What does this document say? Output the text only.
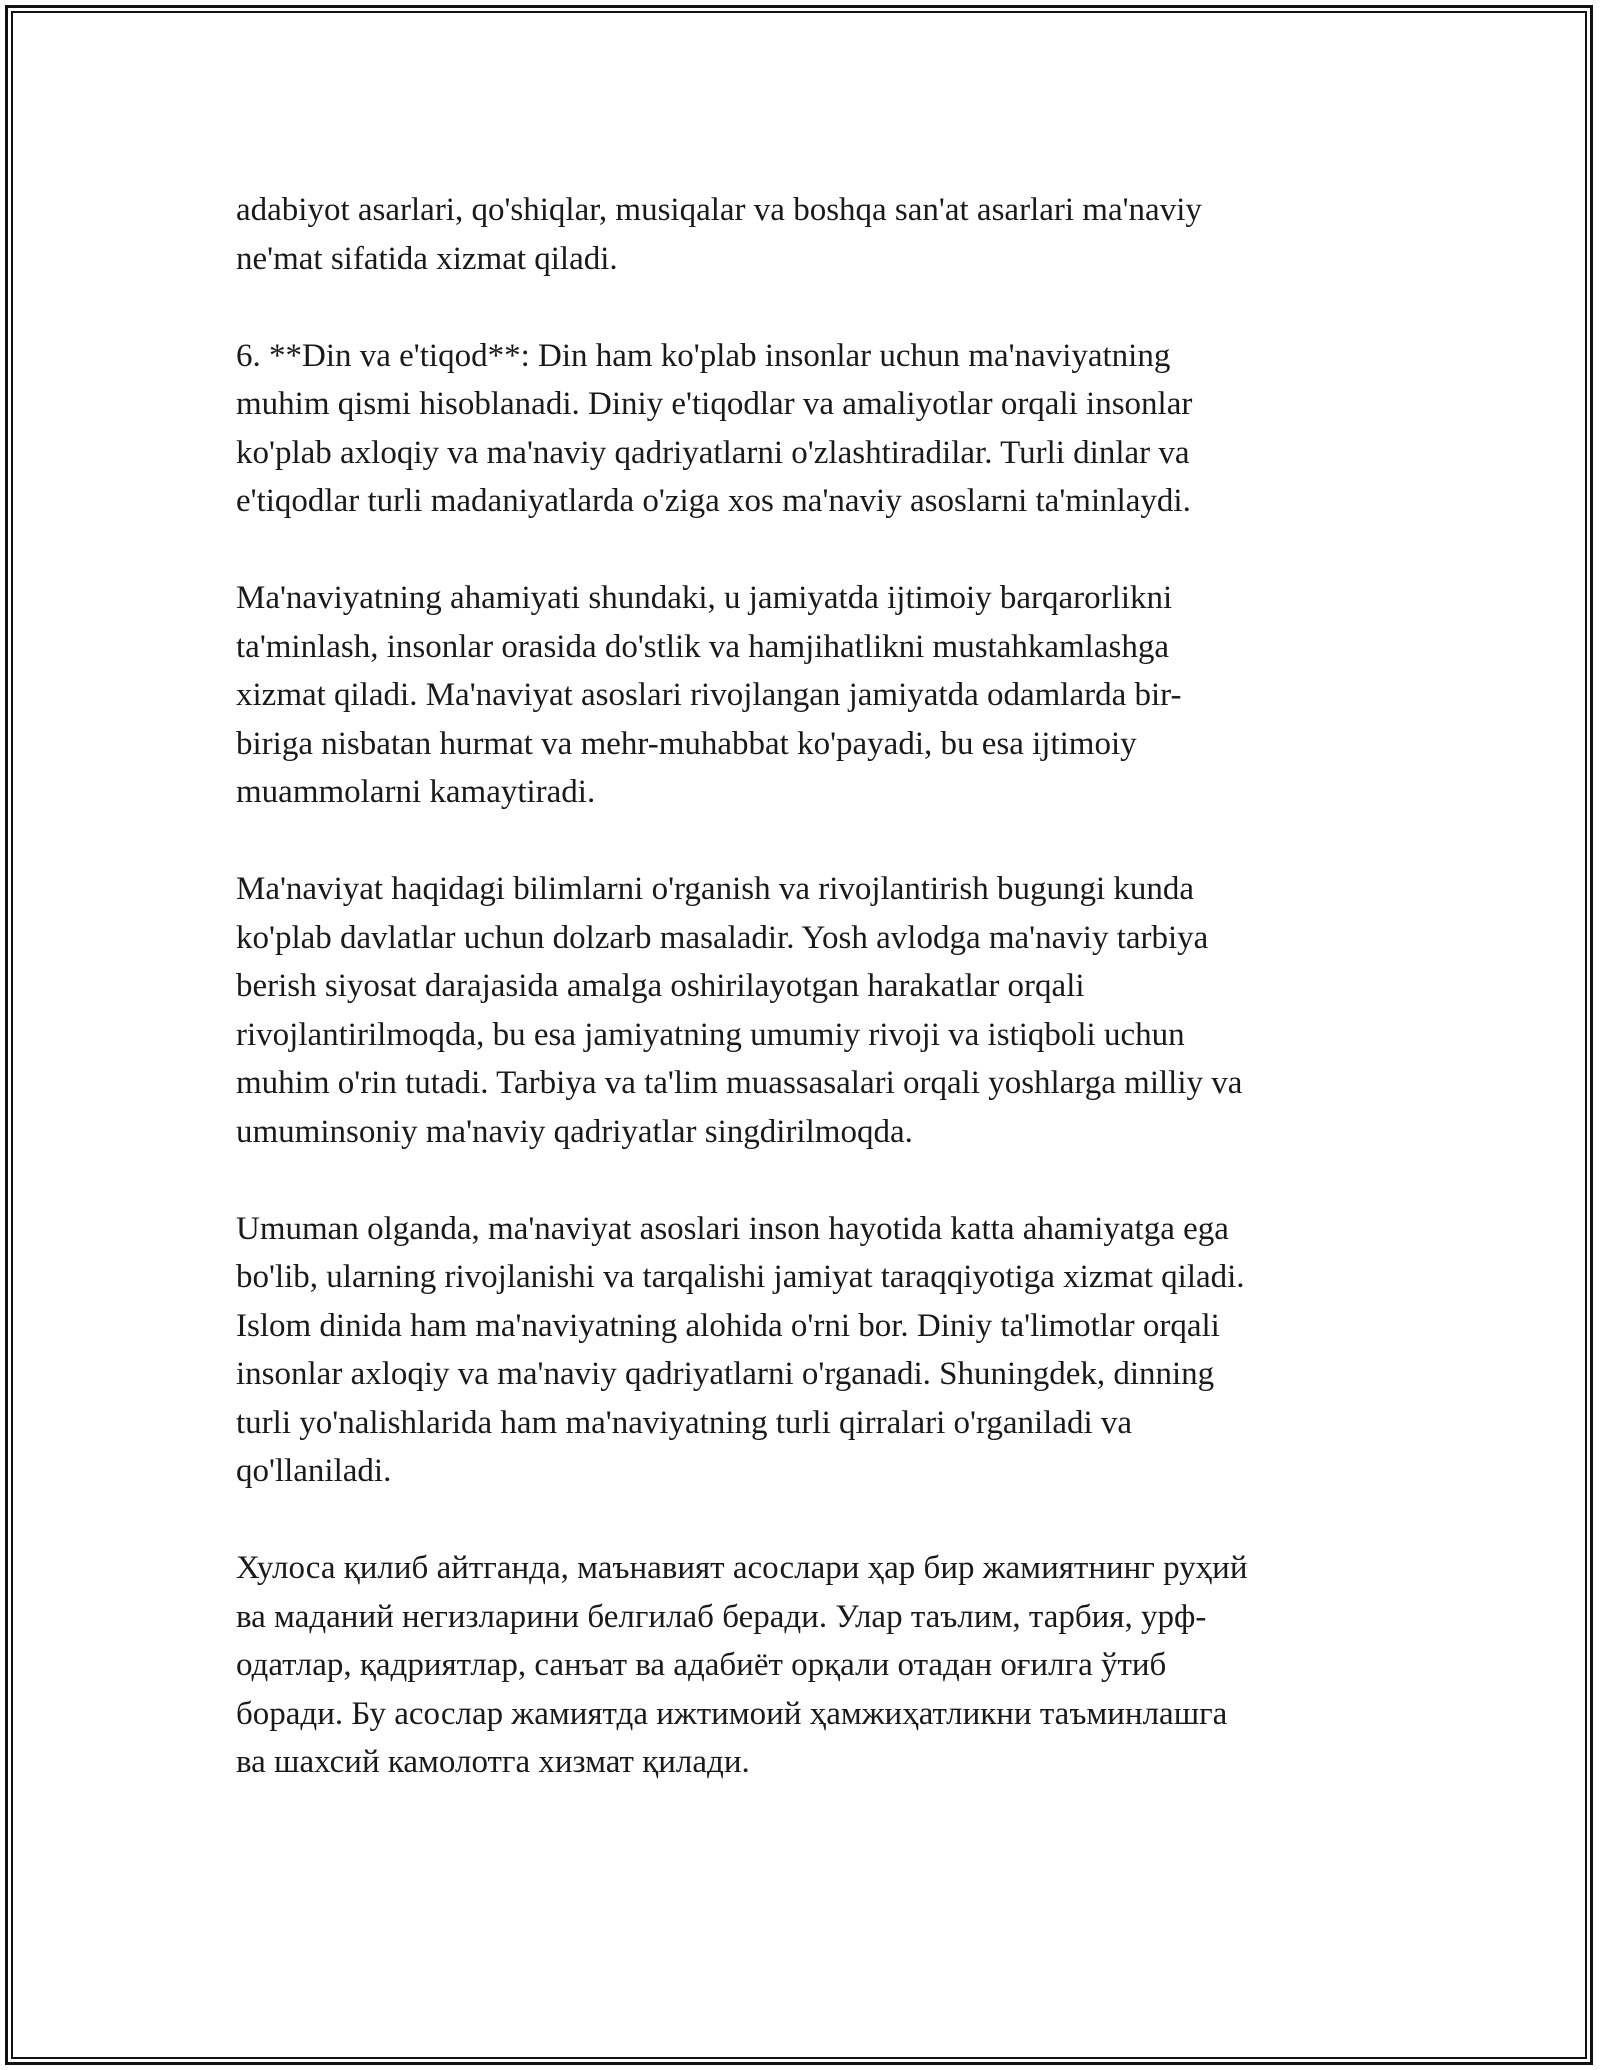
adabiyot asarlari, qo'shiqlar, musiqalar va boshqa san'at asarlari ma'naviy
ne'mat sifatida xizmat qiladi.

6. **Din va e'tiqod**: Din ham ko'plab insonlar uchun ma'naviyatning
muhim qismi hisoblanadi. Diniy e'tiqodlar va amaliyotlar orqali insonlar
ko'plab axloqiy va ma'naviy qadriyatlarni o'zlashtiradilar. Turli dinlar va
e'tiqodlar turli madaniyatlarda o'ziga xos ma'naviy asoslarni ta'minlaydi.

Ma'naviyatning ahamiyati shundaki, u jamiyatda ijtimoiy barqarorlikni
ta'minlash, insonlar orasida do'stlik va hamjihatlikni mustahkamlashga
xizmat qiladi. Ma'naviyat asoslari rivojlangan jamiyatda odamlarda bir-
biriga nisbatan hurmat va mehr-muhabbat ko'payadi, bu esa ijtimoiy
muammolarni kamaytiradi.

Ma'naviyat haqidagi bilimlarni o'rganish va rivojlantirish bugungi kunda
ko'plab davlatlar uchun dolzarb masaladir. Yosh avlodga ma'naviy tarbiya
berish siyosat darajasida amalga oshirilayotgan harakatlar orqali
rivojlantirilmoqda, bu esa jamiyatning umumiy rivoji va istiqboli uchun
muhim o'rin tutadi. Tarbiya va ta'lim muassasalari orqali yoshlarga milliy va
umuminsoniy ma'naviy qadriyatlar singdirilmoqda.

Umuman olganda, ma'naviyat asoslari inson hayotida katta ahamiyatga ega
bo'lib, ularning rivojlanishi va tarqalishi jamiyat taraqqiyotiga xizmat qiladi.
Islom dinida ham ma'naviyatning alohida o'rni bor. Diniy ta'limotlar orqali
insonlar axloqiy va ma'naviy qadriyatlarni o'rganadi. Shuningdek, dinning
turli yo'nalishlarida ham ma'naviyatning turli qirralari o'rganiladi va
qo'llaniladi.

Хулоса қилиб айтганда, маънавият асослари ҳар бир жамиятнинг руҳий
ва маданий негизларини белгилаб беради. Улар таълим, тарбия, урф-
одатлар, қадриятлар, санъат ва адабиёт орқали отадан оғилга ўтиб
боради. Бу асослар жамиятда ижтимоий ҳамжиҳатликни таъминлашга
ва шахсий камолотга хизмат қилади.
